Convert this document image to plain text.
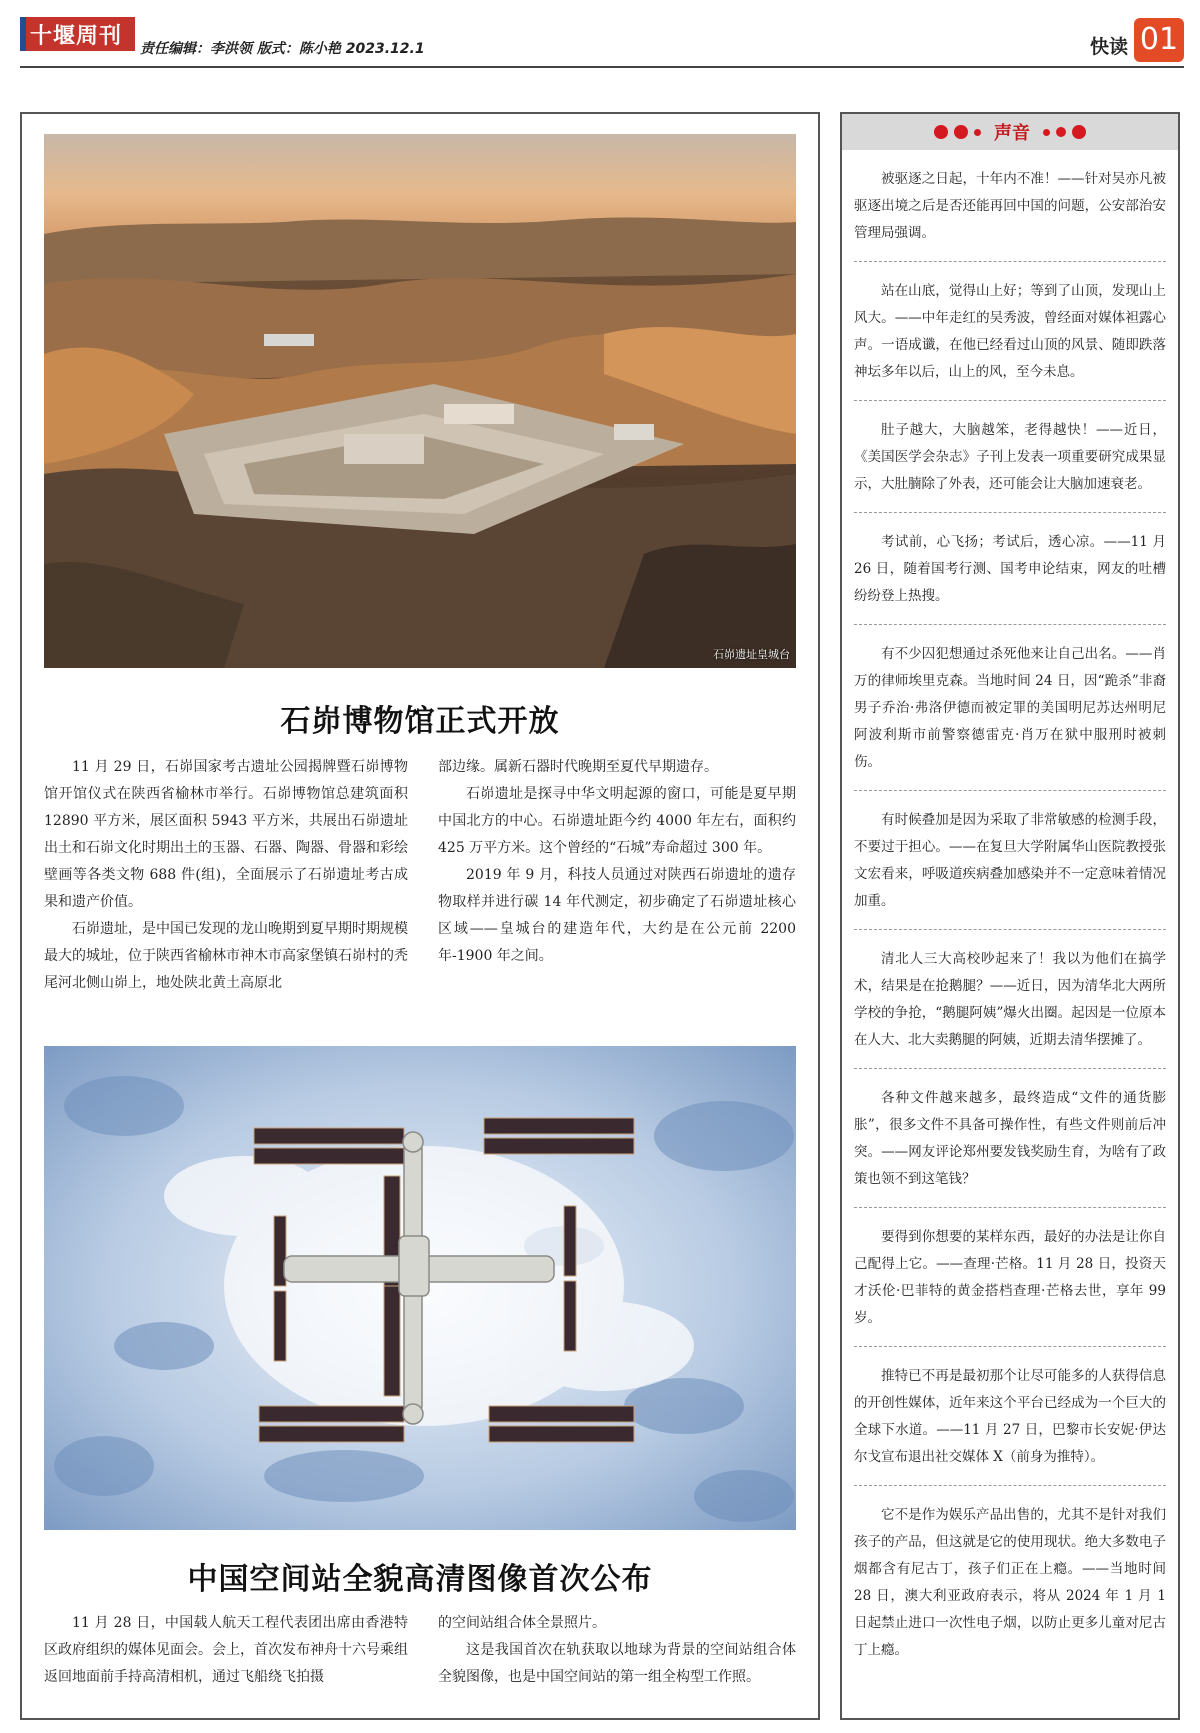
十堰周刊
责任编辑：李洪领 版式：陈小艳 2023.12.1	快读 01
石峁遗址皇城台
石峁博物馆正式开放

11 月 29 日，石峁国家考古遗址公园揭牌暨石峁博物馆开馆仪式在陕西省榆林市举行。石峁博物馆总建筑面积 12890 平方米，展区面积 5943 平方米，共展出石峁遗址出土和石峁文化时期出土的玉器、石器、陶器、骨器和彩绘壁画等各类文物 688 件(组)，全面展示了石峁遗址考古成果和遗产价值。

石峁遗址，是中国已发现的龙山晚期到夏早期时期规模最大的城址，位于陕西省榆林市神木市高家堡镇石峁村的秃尾河北侧山峁上，地处陕北黄土高原北

部边缘。属新石器时代晚期至夏代早期遗存。

石峁遗址是探寻中华文明起源的窗口，可能是夏早期中国北方的中心。石峁遗址距今约 4000 年左右，面积约 425 万平方米。这个曾经的“石城”寿命超过 300 年。

2019 年 9 月，科技人员通过对陕西石峁遗址的遗存物取样并进行碳 14 年代测定，初步确定了石峁遗址核心区域——皇城台的建造年代，大约是在公元前 2200 年-1900 年之间。

中国空间站全貌高清图像首次公布

11 月 28 日，中国载人航天工程代表团出席由香港特区政府组织的媒体见面会。会上，首次发布神舟十六号乘组返回地面前手持高清相机，通过飞船绕飞拍摄

的空间站组合体全景照片。

这是我国首次在轨获取以地球为背景的空间站组合体全貌图像，也是中国空间站的第一组全构型工作照。

声音

被驱逐之日起，十年内不准！——针对吴亦凡被驱逐出境之后是否还能再回中国的问题，公安部治安管理局强调。

站在山底，觉得山上好；等到了山顶，发现山上风大。——中年走红的吴秀波，曾经面对媒体袒露心声。一语成谶，在他已经看过山顶的风景、随即跌落神坛多年以后，山上的风，至今未息。

肚子越大，大脑越笨，老得越快！——近日，《美国医学会杂志》子刊上发表一项重要研究成果显示，大肚腩除了外表，还可能会让大脑加速衰老。

考试前，心飞扬；考试后，透心凉。——11 月 26 日，随着国考行测、国考申论结束，网友的吐槽纷纷登上热搜。

有不少囚犯想通过杀死他来让自己出名。——肖万的律师埃里克森。当地时间 24 日，因“跪杀”非裔男子乔治·弗洛伊德而被定罪的美国明尼苏达州明尼阿波利斯市前警察德雷克·肖万在狱中服刑时被刺伤。

有时候叠加是因为采取了非常敏感的检测手段，不要过于担心。——在复旦大学附属华山医院教授张文宏看来，呼吸道疾病叠加感染并不一定意味着情况加重。

清北人三大高校吵起来了！我以为他们在搞学术，结果是在抢鹅腿？——近日，因为清华北大两所学校的争抢，“鹅腿阿姨”爆火出圈。起因是一位原本在人大、北大卖鹅腿的阿姨，近期去清华摆摊了。

各种文件越来越多，最终造成“文件的通货膨胀”，很多文件不具备可操作性，有些文件则前后冲突。——网友评论郑州要发钱奖励生育，为啥有了政策也领不到这笔钱？

要得到你想要的某样东西，最好的办法是让你自己配得上它。——查理·芒格。11 月 28 日，投资天才沃伦·巴菲特的黄金搭档查理·芒格去世，享年 99 岁。

推特已不再是最初那个让尽可能多的人获得信息的开创性媒体，近年来这个平台已经成为一个巨大的全球下水道。——11 月 27 日，巴黎市长安妮·伊达尔戈宣布退出社交媒体 X（前身为推特）。

它不是作为娱乐产品出售的，尤其不是针对我们孩子的产品，但这就是它的使用现状。绝大多数电子烟都含有尼古丁，孩子们正在上瘾。——当地时间 28 日，澳大利亚政府表示，将从 2024 年 1 月 1 日起禁止进口一次性电子烟，以防止更多儿童对尼古丁上瘾。
